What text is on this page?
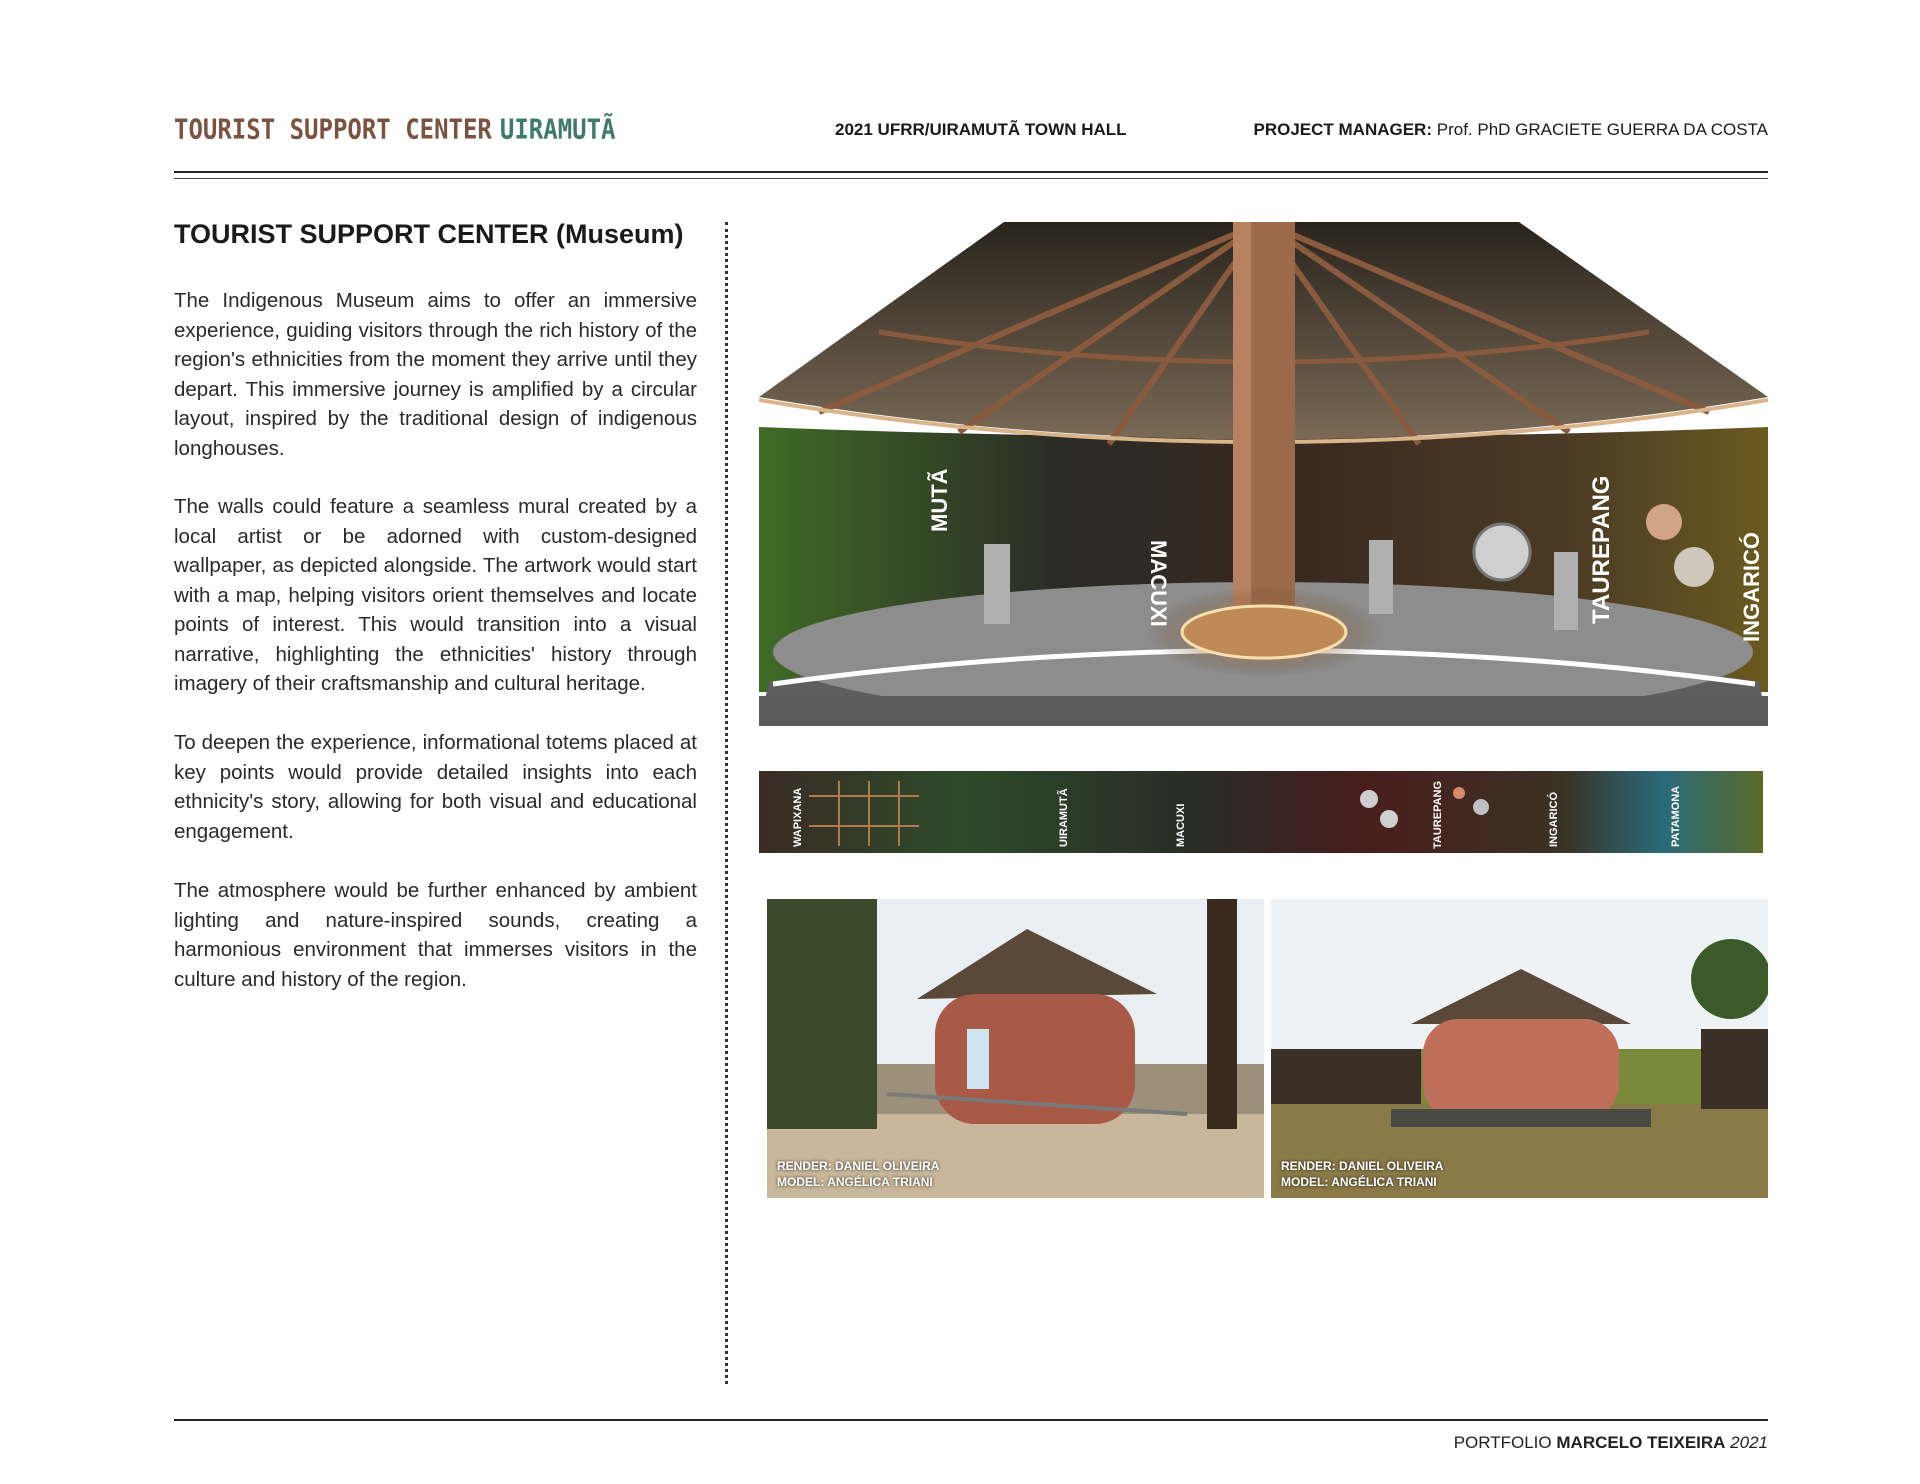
TOURIST SUPPORT CENTER UIRAMUTÃ	2021 UFRR/UIRAMUTÃ TOWN HALL	PROJECT MANAGER: Prof. PhD GRACIETE GUERRA DA COSTA
TOURIST SUPPORT CENTER (Museum)
The Indigenous Museum aims to offer an immersive experience, guiding visitors through the rich history of the region's ethnicities from the moment they arrive until they depart. This immersive journey is amplified by a circular layout, inspired by the traditional design of indigenous longhouses.
The walls could feature a seamless mural created by a local artist or be adorned with custom-designed wallpaper, as depicted alongside. The artwork would start with a map, helping visitors orient themselves and locate points of interest. This would transition into a visual narrative, highlighting the ethnicities' history through imagery of their craftsmanship and cultural heritage.
To deepen the experience, informational totems placed at key points would provide detailed insights into each ethnicity's story, allowing for both visual and educational engagement.
The atmosphere would be further enhanced by ambient lighting and nature-inspired sounds, creating a harmonious environment that immerses visitors in the culture and history of the region.
MUTÃ
MACUXI	TAUREPANG	INGARICÓ
WAPIXANA	UIRAMUTÃ	MACUXI	TAUREPANG	INGARICÓ	PATAMONA
RENDER: DANIEL OLIVEIRA
MODEL: ANGÉLICA TRIANI
RENDER: DANIEL OLIVEIRA
MODEL: ANGÉLICA TRIANI
PORTFOLIO MARCELO TEIXEIRA 2021
